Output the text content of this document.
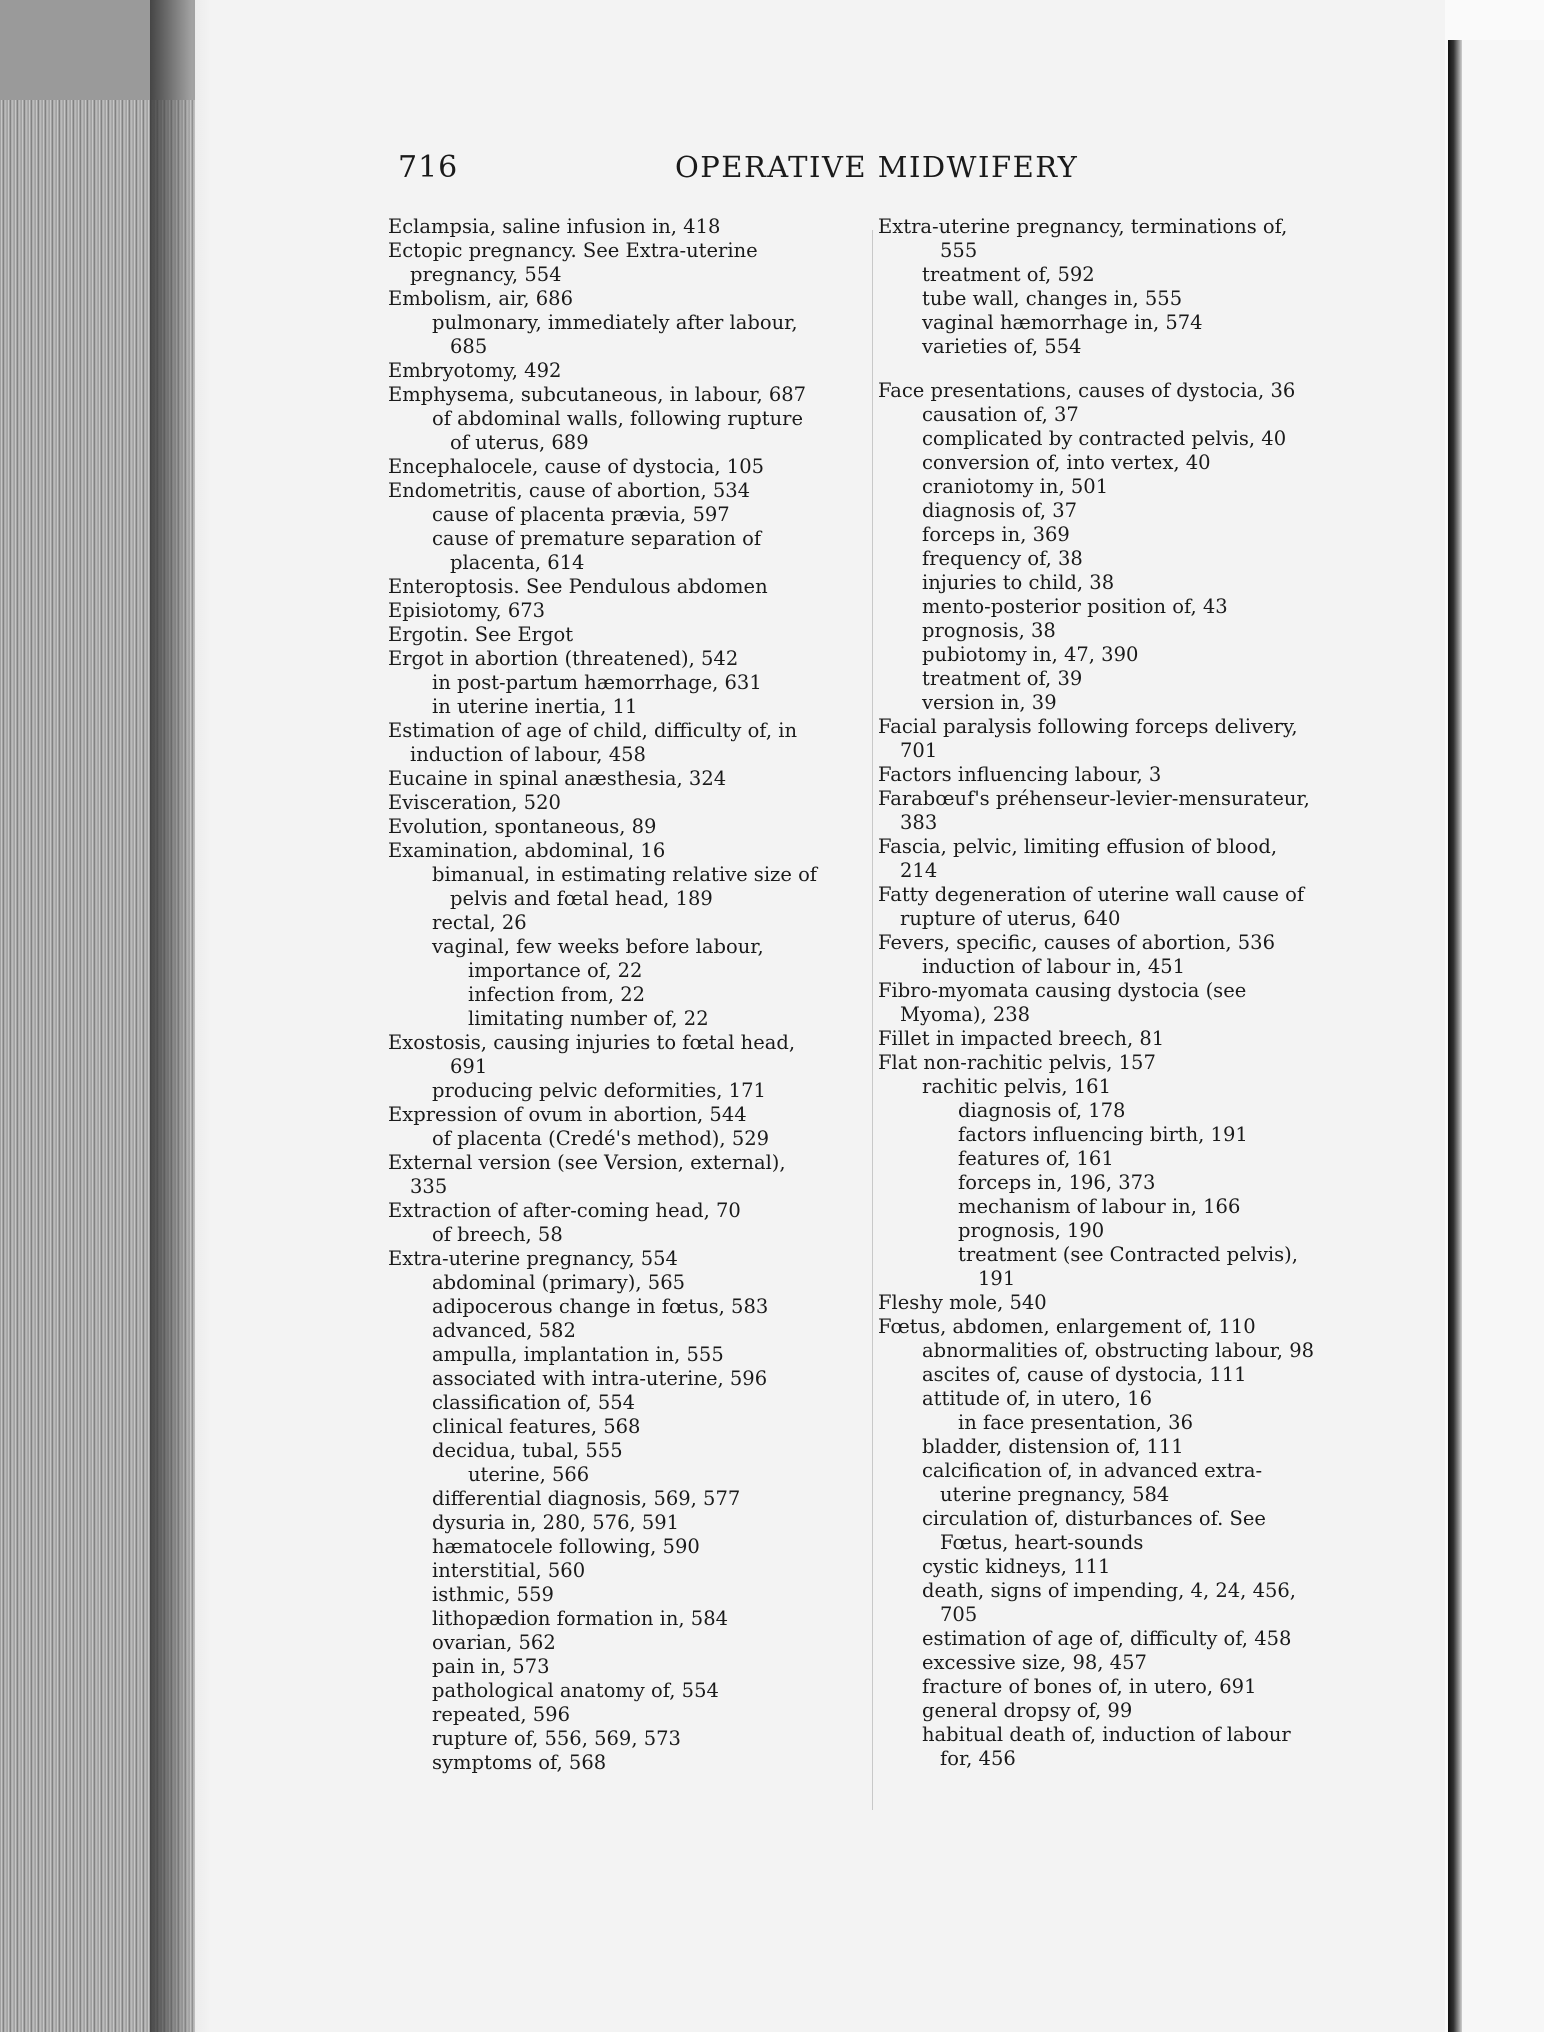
716	OPERATIVE MIDWIFERY
Eclampsia, saline infusion in, 418
Ectopic pregnancy. See Extra-uterine
pregnancy, 554
Embolism, air, 686
pulmonary, immediately after labour,
685
Embryotomy, 492
Emphysema, subcutaneous, in labour, 687
of abdominal walls, following rupture
of uterus, 689
Encephalocele, cause of dystocia, 105
Endometritis, cause of abortion, 534
cause of placenta prævia, 597
cause of premature separation of
placenta, 614
Enteroptosis. See Pendulous abdomen
Episiotomy, 673
Ergotin. See Ergot
Ergot in abortion (threatened), 542
in post-partum hæmorrhage, 631
in uterine inertia, 11
Estimation of age of child, difficulty of, in
induction of labour, 458
Eucaine in spinal anæsthesia, 324
Evisceration, 520
Evolution, spontaneous, 89
Examination, abdominal, 16
bimanual, in estimating relative size of
pelvis and fœtal head, 189
rectal, 26
vaginal, few weeks before labour,
importance of, 22
infection from, 22
limitating number of, 22
Exostosis, causing injuries to fœtal head,
691
producing pelvic deformities, 171
Expression of ovum in abortion, 544
of placenta (Credé's method), 529
External version (see Version, external),
335
Extraction of after-coming head, 70
of breech, 58
Extra-uterine pregnancy, 554
abdominal (primary), 565
adipocerous change in fœtus, 583
advanced, 582
ampulla, implantation in, 555
associated with intra-uterine, 596
classification of, 554
clinical features, 568
decidua, tubal, 555
uterine, 566
differential diagnosis, 569, 577
dysuria in, 280, 576, 591
hæmatocele following, 590
interstitial, 560
isthmic, 559
lithopædion formation in, 584
ovarian, 562
pain in, 573
pathological anatomy of, 554
repeated, 596
rupture of, 556, 569, 573
symptoms of, 568
Extra-uterine pregnancy, terminations of,
555
treatment of, 592
tube wall, changes in, 555
vaginal hæmorrhage in, 574
varieties of, 554
Face presentations, causes of dystocia, 36
causation of, 37
complicated by contracted pelvis, 40
conversion of, into vertex, 40
craniotomy in, 501
diagnosis of, 37
forceps in, 369
frequency of, 38
injuries to child, 38
mento-posterior position of, 43
prognosis, 38
pubiotomy in, 47, 390
treatment of, 39
version in, 39
Facial paralysis following forceps delivery,
701
Factors influencing labour, 3
Farabœuf's préhenseur-levier-mensurateur,
383
Fascia, pelvic, limiting effusion of blood,
214
Fatty degeneration of uterine wall cause of
rupture of uterus, 640
Fevers, specific, causes of abortion, 536
induction of labour in, 451
Fibro-myomata causing dystocia (see
Myoma), 238
Fillet in impacted breech, 81
Flat non-rachitic pelvis, 157
rachitic pelvis, 161
diagnosis of, 178
factors influencing birth, 191
features of, 161
forceps in, 196, 373
mechanism of labour in, 166
prognosis, 190
treatment (see Contracted pelvis),
191
Fleshy mole, 540
Fœtus, abdomen, enlargement of, 110
abnormalities of, obstructing labour, 98
ascites of, cause of dystocia, 111
attitude of, in utero, 16
in face presentation, 36
bladder, distension of, 111
calcification of, in advanced extra-
uterine pregnancy, 584
circulation of, disturbances of. See
Fœtus, heart-sounds
cystic kidneys, 111
death, signs of impending, 4, 24, 456,
705
estimation of age of, difficulty of, 458
excessive size, 98, 457
fracture of bones of, in utero, 691
general dropsy of, 99
habitual death of, induction of labour
for, 456
